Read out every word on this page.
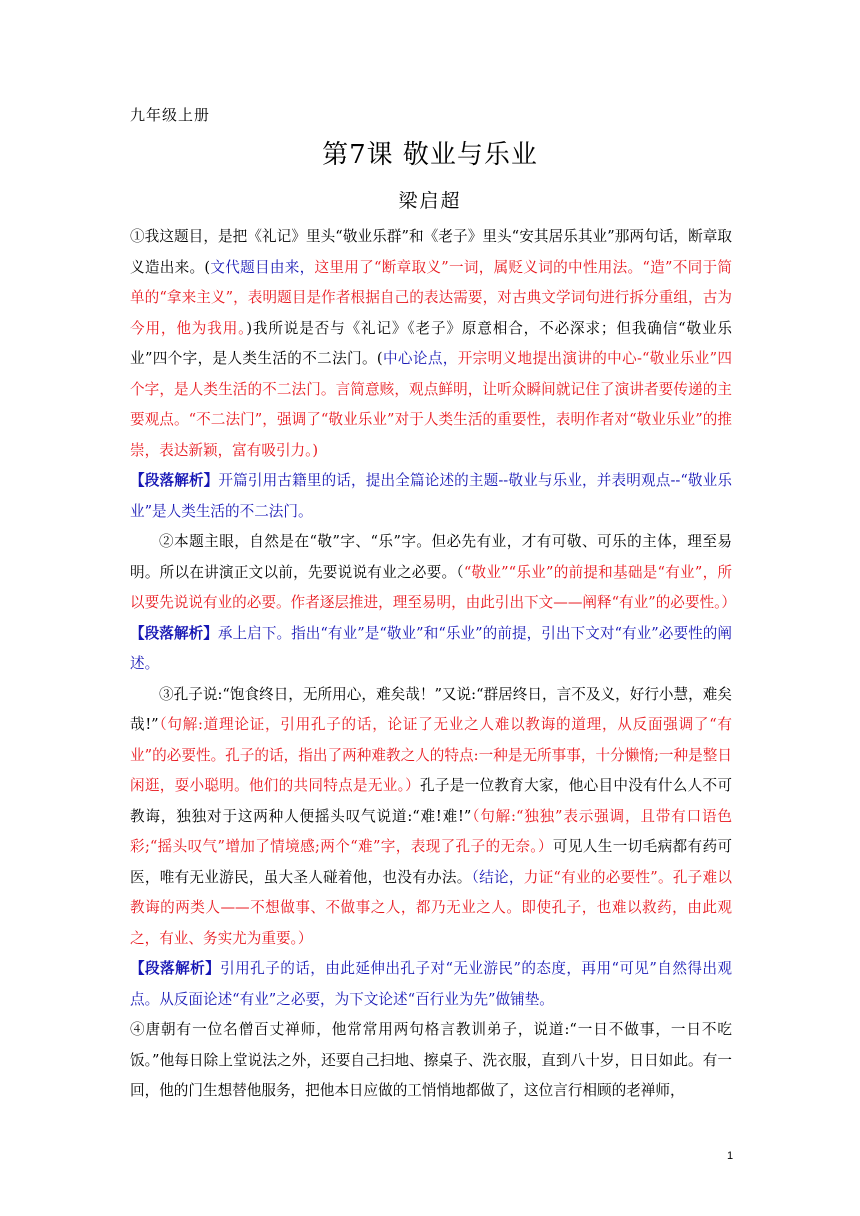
九年级上册
第7课 敬业与乐业
梁启超

①我这题目，是把《礼记》里头“敬业乐群”和《老子》里头“安其居乐其业”那两句话，断章取义造出来。(文代题目由来，这里用了“断章取义”一词，属贬义词的中性用法。“造”不同于简单的“拿来主义”，表明题目是作者根据自己的表达需要，对古典文学词句进行拆分重组，古为今用，他为我用。)我所说是否与《礼记》《老子》原意相合，不必深求；但我确信“敬业乐业”四个字，是人类生活的不二法门。(中心论点，开宗明义地提出演讲的中心-“敬业乐业”四个字，是人类生活的不二法门。言简意赅，观点鲜明，让听众瞬间就记住了演讲者要传递的主要观点。“不二法门”，强调了“敬业乐业”对于人类生活的重要性，表明作者对“敬业乐业”的推崇，表达新颖，富有吸引力。)

【段落解析】开篇引用古籍里的话，提出全篇论述的主题--敬业与乐业，并表明观点--“敬业乐业”是人类生活的不二法门。

②本题主眼，自然是在“敬”字、“乐”字。但必先有业，才有可敬、可乐的主体，理至易明。所以在讲演正文以前，先要说说有业之必要。（“敬业”“乐业”的前提和基础是“有业”，所以要先说说有业的必要。作者逐层推进，理至易明，由此引出下文——阐释“有业”的必要性。）

【段落解析】承上启下。指出“有业”是“敬业”和“乐业”的前提，引出下文对“有业”必要性的阐述。

③孔子说:“饱食终日，无所用心，难矣哉！”又说:“群居终日，言不及义，好行小慧，难矣哉!”（句解:道理论证，引用孔子的话，论证了无业之人难以教诲的道理，从反面强调了“有业”的必要性。孔子的话，指出了两种难教之人的特点:一种是无所事事，十分懒惰;一种是整日闲逛，耍小聪明。他们的共同特点是无业。）孔子是一位教育大家，他心目中没有什么人不可教诲，独独对于这两种人便摇头叹气说道:“难!难!”（句解:“独独”表示强调，且带有口语色彩;“摇头叹气”增加了情境感;两个“难”字，表现了孔子的无奈。）可见人生一切毛病都有药可医，唯有无业游民，虽大圣人碰着他，也没有办法。（结论，力证“有业的必要性”。孔子难以教诲的两类人——不想做事、不做事之人，都乃无业之人。即使孔子，也难以救药，由此观之，有业、务实尤为重要。）

【段落解析】引用孔子的话，由此延伸出孔子对“无业游民”的态度，再用“可见”自然得出观点。从反面论述“有业”之必要，为下文论述“百行业为先”做铺垫。

④唐朝有一位名僧百丈禅师，他常常用两句格言教训弟子，说道:“一日不做事，一日不吃饭。”他每日除上堂说法之外，还要自己扫地、擦桌子、洗衣服，直到八十岁，日日如此。有一回，他的门生想替他服务，把他本日应做的工悄悄地都做了，这位言行相顾的老禅师，

1
